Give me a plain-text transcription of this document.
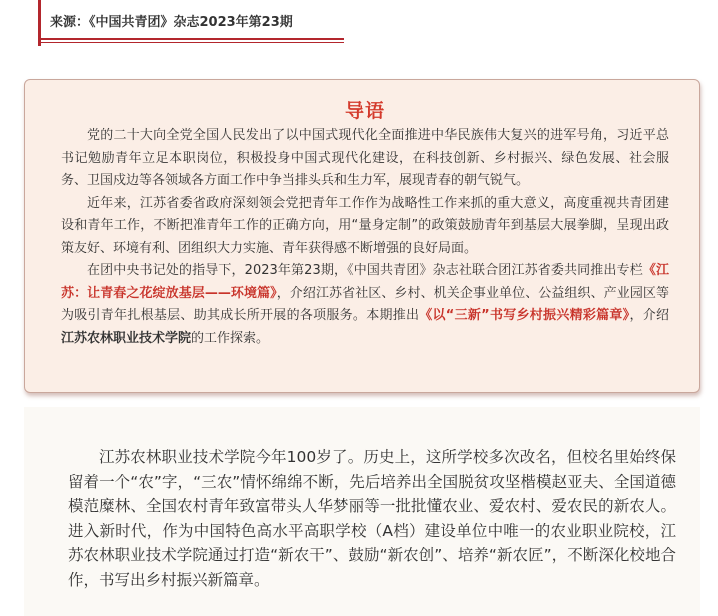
来源：《中国共青团》杂志2023年第23期
导语

党的二十大向全党全国人民发出了以中国式现代化全面推进中华民族伟大复兴的进军号角，习近平总书记勉励青年立足本职岗位，积极投身中国式现代化建设，在科技创新、乡村振兴、绿色发展、社会服务、卫国戍边等各领域各方面工作中争当排头兵和生力军，展现青春的朝气锐气。

近年来，江苏省委省政府深刻领会党把青年工作作为战略性工作来抓的重大意义，高度重视共青团建设和青年工作，不断把准青年工作的正确方向，用“量身定制”的政策鼓励青年到基层大展拳脚，呈现出政策友好、环境有利、团组织大力实施、青年获得感不断增强的良好局面。

在团中央书记处的指导下，2023年第23期，《中国共青团》杂志社联合团江苏省委共同推出专栏《江苏：让青春之花绽放基层——环境篇》，介绍江苏省社区、乡村、机关企事业单位、公益组织、产业园区等为吸引青年扎根基层、助其成长所开展的各项服务。本期推出《以“三新”书写乡村振兴精彩篇章》，介绍江苏农林职业技术学院的工作探索。

江苏农林职业技术学院今年100岁了。历史上，这所学校多次改名，但校名里始终保留着一个“农”字，“三农”情怀绵绵不断，先后培养出全国脱贫攻坚楷模赵亚夫、全国道德模范糜林、全国农村青年致富带头人华梦丽等一批批懂农业、爱农村、爱农民的新农人。进入新时代，作为中国特色高水平高职学校（A档）建设单位中唯一的农业职业院校，江苏农林职业技术学院通过打造“新农干”、鼓励“新农创”、培养“新农匠”，不断深化校地合作，书写出乡村振兴新篇章。
